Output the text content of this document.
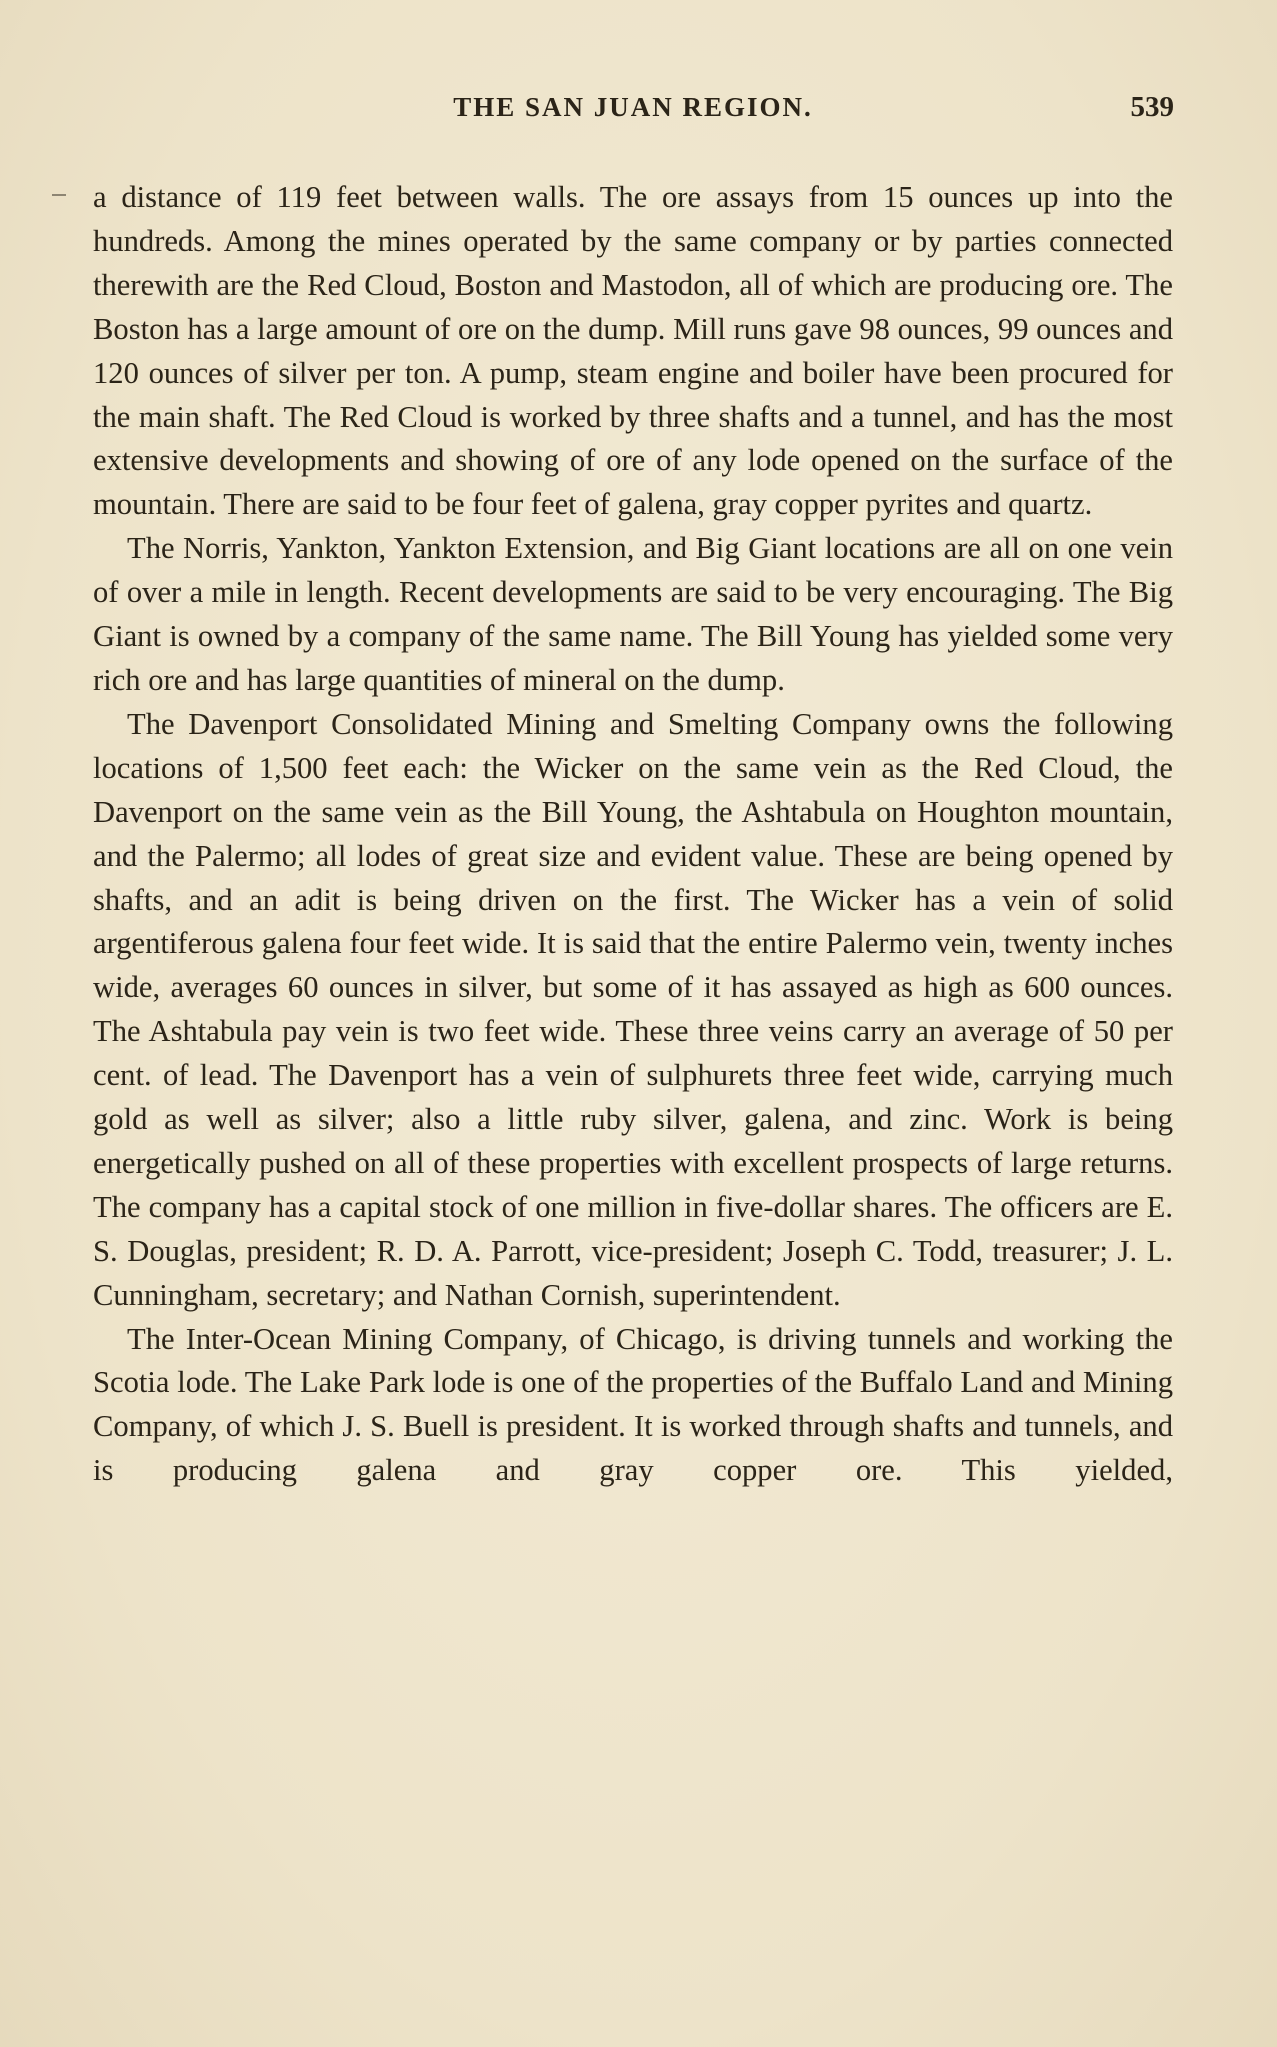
THE SAN JUAN REGION.	539

a distance of 119 feet between walls. The ore assays from 15 ounces up into the hundreds. Among the mines operated by the same company or by parties connected therewith are the Red Cloud, Boston and Mastodon, all of which are producing ore. The Boston has a large amount of ore on the dump. Mill runs gave 98 ounces, 99 ounces and 120 ounces of silver per ton. A pump, steam engine and boiler have been procured for the main shaft. The Red Cloud is worked by three shafts and a tunnel, and has the most extensive developments and showing of ore of any lode opened on the surface of the mountain. There are said to be four feet of galena, gray copper pyrites and quartz.

The Norris, Yankton, Yankton Extension, and Big Giant locations are all on one vein of over a mile in length. Recent developments are said to be very encouraging. The Big Giant is owned by a company of the same name. The Bill Young has yielded some very rich ore and has large quantities of mineral on the dump.

The Davenport Consolidated Mining and Smelting Company owns the following locations of 1,500 feet each: the Wicker on the same vein as the Red Cloud, the Davenport on the same vein as the Bill Young, the Ashtabula on Houghton mountain, and the Palermo; all lodes of great size and evident value. These are being opened by shafts, and an adit is being driven on the first. The Wicker has a vein of solid argentiferous galena four feet wide. It is said that the entire Palermo vein, twenty inches wide, averages 60 ounces in silver, but some of it has assayed as high as 600 ounces. The Ashtabula pay vein is two feet wide. These three veins carry an average of 50 per cent. of lead. The Davenport has a vein of sulphurets three feet wide, carrying much gold as well as silver; also a little ruby silver, galena, and zinc. Work is being energetically pushed on all of these properties with excellent prospects of large returns. The company has a capital stock of one million in five-dollar shares. The officers are E. S. Douglas, president; R. D. A. Parrott, vice-president; Joseph C. Todd, treasurer; J. L. Cunningham, secretary; and Nathan Cornish, superintendent.

The Inter-Ocean Mining Company, of Chicago, is driving tunnels and working the Scotia lode. The Lake Park lode is one of the properties of the Buffalo Land and Mining Company, of which J. S. Buell is president. It is worked through shafts and tunnels, and is producing galena and gray copper ore. This yielded,
